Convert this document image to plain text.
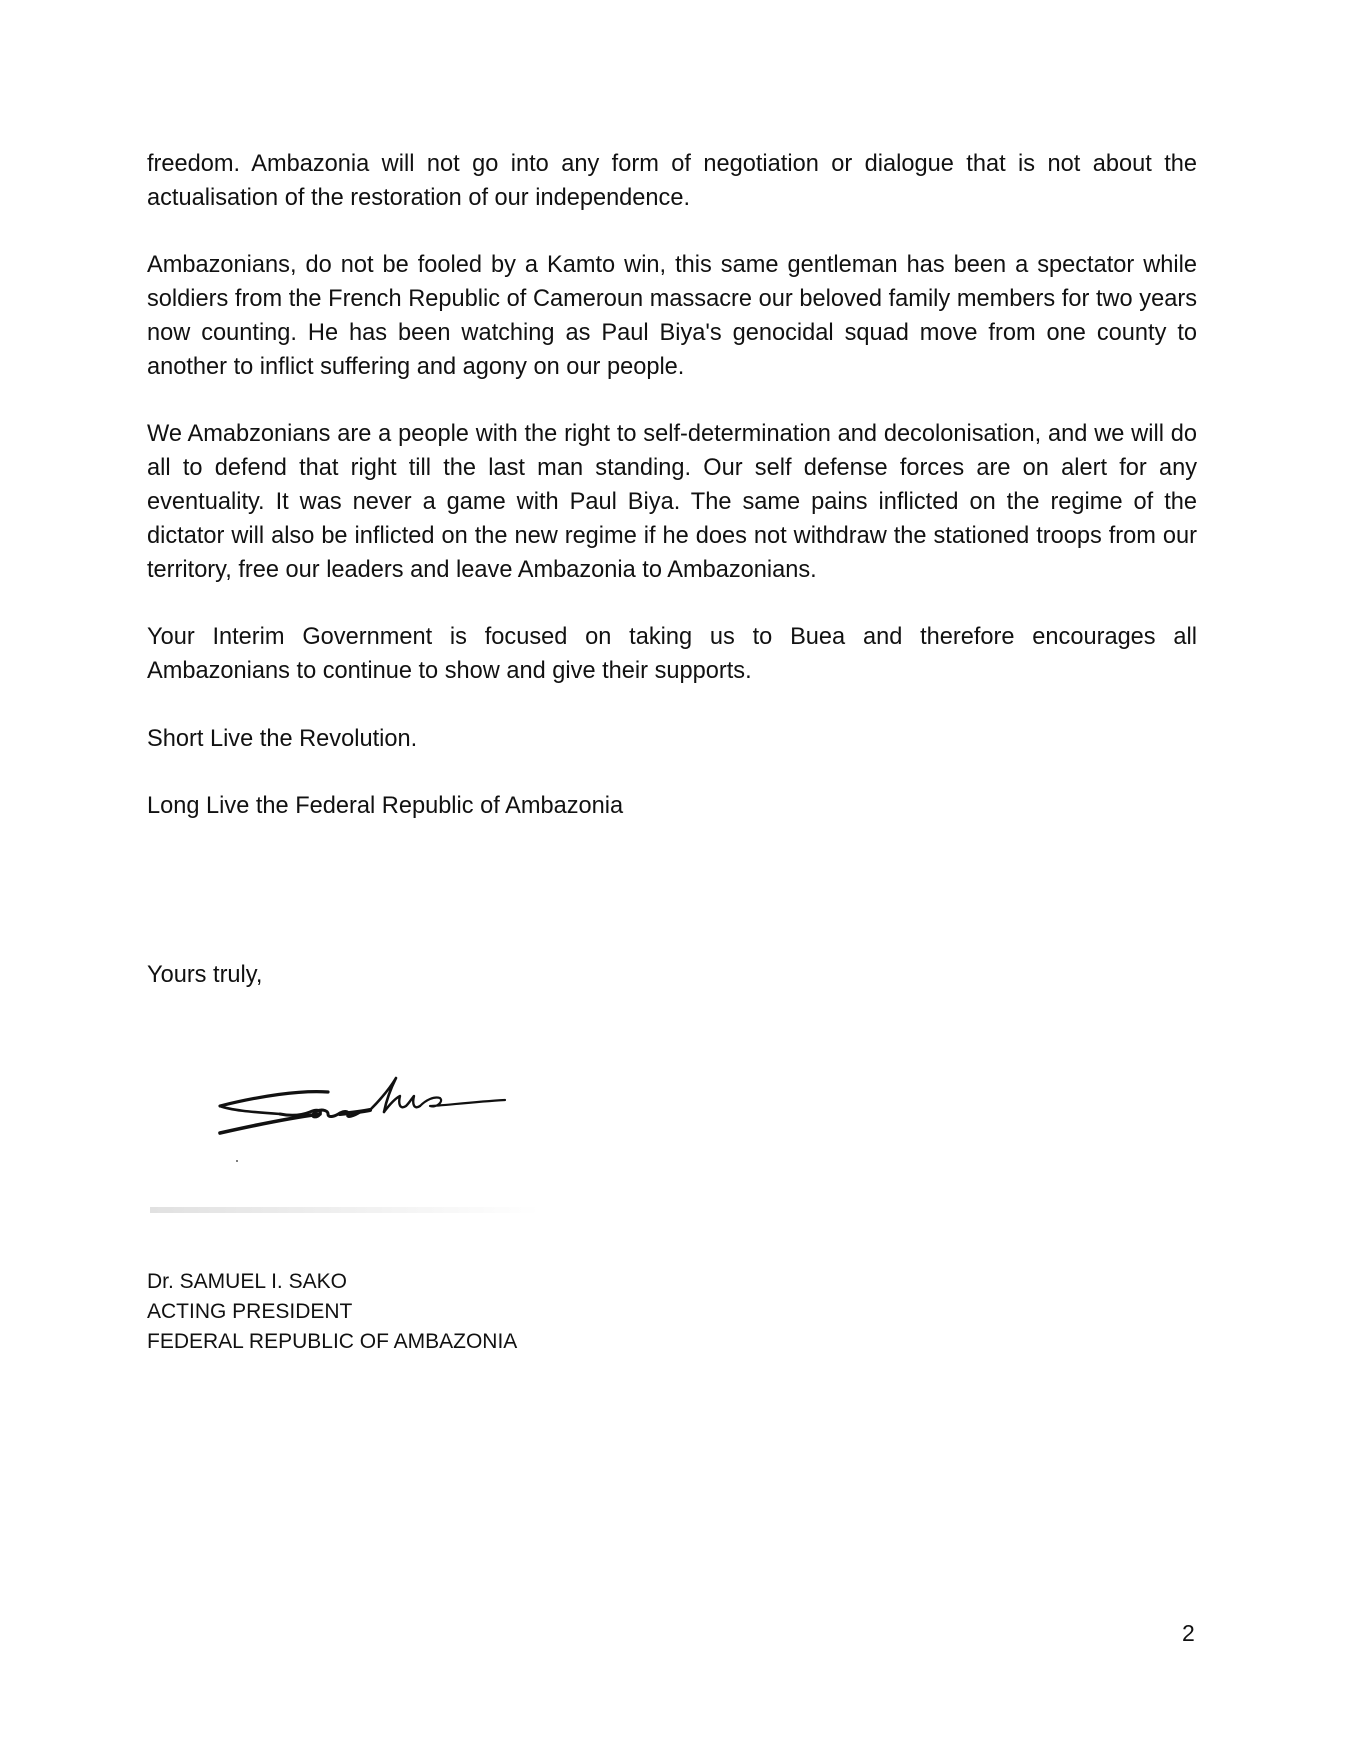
freedom. Ambazonia will not go into any form of negotiation or dialogue that is not about the actualisation of the restoration of our independence.

Ambazonians, do not be fooled by a Kamto win, this same gentleman has been a spectator while soldiers from the French Republic of Cameroun massacre our beloved family members for two years now counting. He has been watching as Paul Biya's genocidal squad move from one county to another to inflict suffering and agony on our people.

We Amabzonians are a people with the right to self-determination and decolonisation, and we will do all to defend that right till the last man standing. Our self defense forces are on alert for any eventuality. It was never a game with Paul Biya. The same pains inflicted on the regime of the dictator will also be inflicted on the new regime if he does not withdraw the stationed troops from our territory, free our leaders and leave Ambazonia to Ambazonians.

Your Interim Government is focused on taking us to Buea and therefore encourages all Ambazonians to continue to show and give their supports.

Short Live the Revolution.

Long Live the Federal Republic of Ambazonia

Yours truly,
Dr. SAMUEL I. SAKO
ACTING PRESIDENT
FEDERAL REPUBLIC OF AMBAZONIA
2
